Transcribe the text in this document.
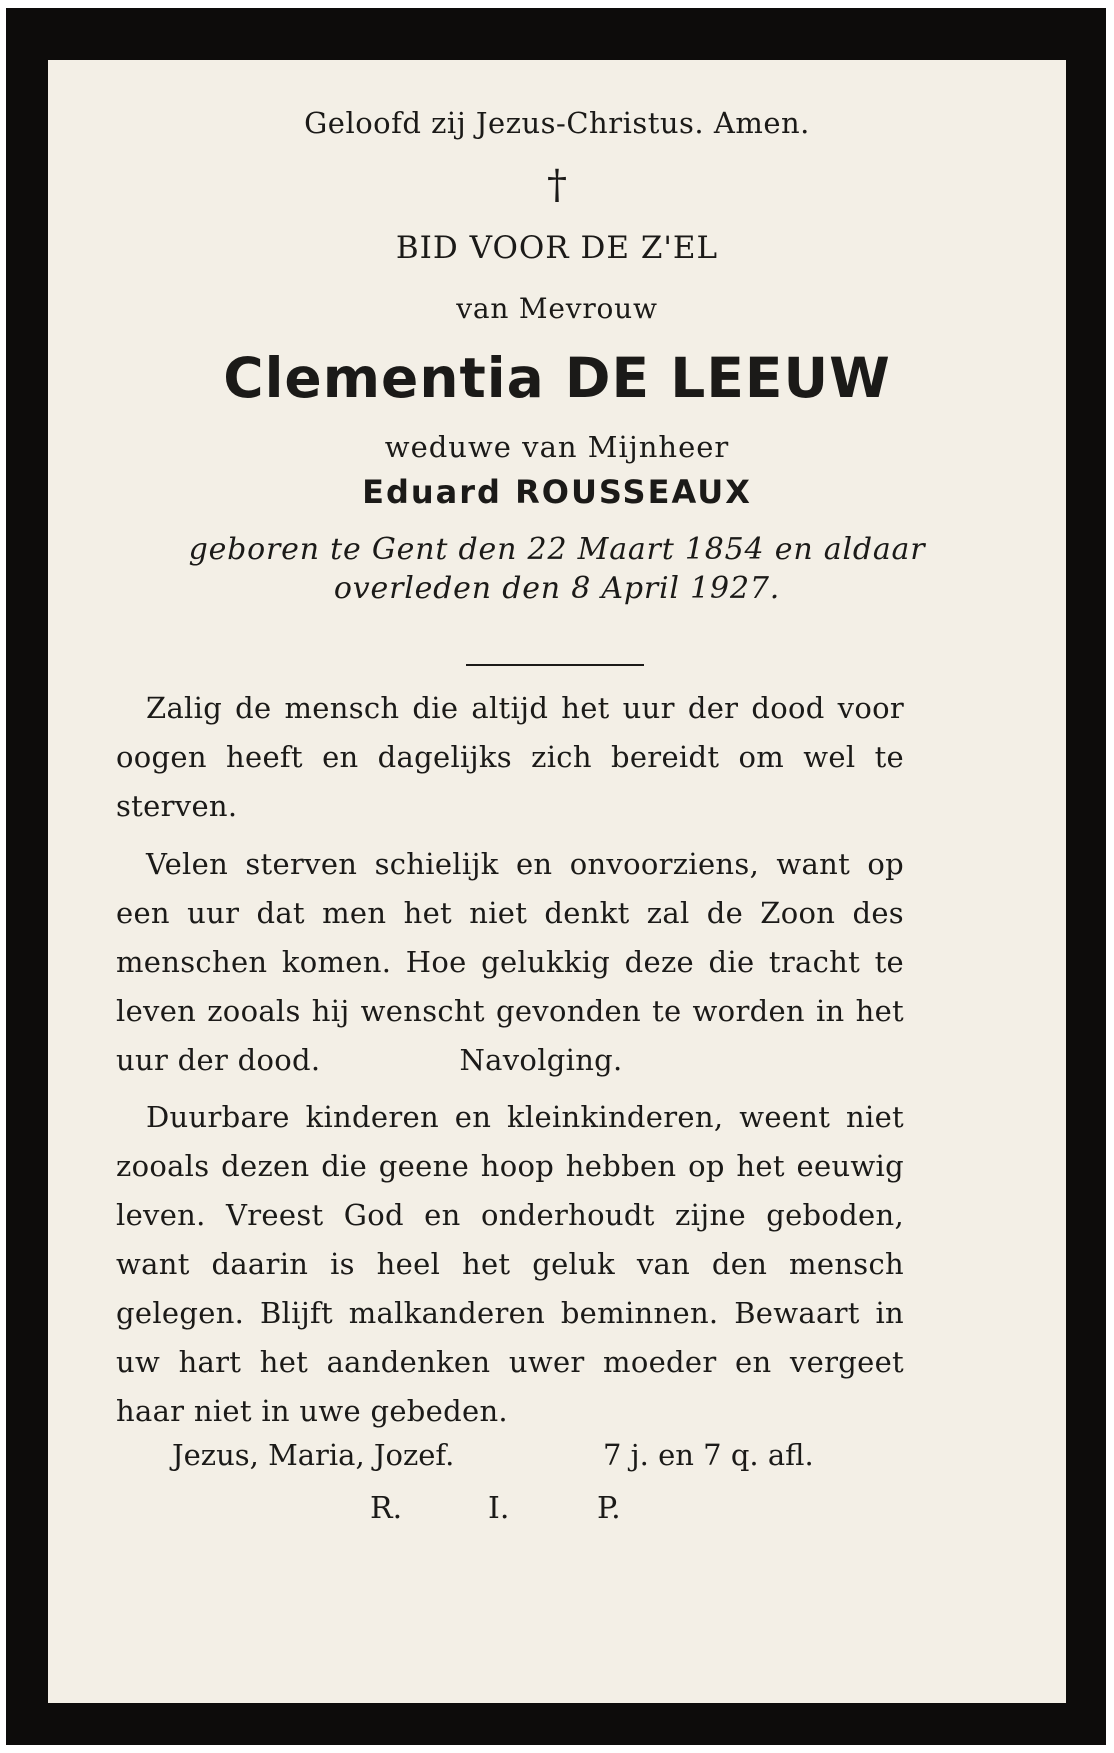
Geloofd zij Jezus-Christus. Amen.
†
BID VOOR DE Z'EL
van Mevrouw
Clementia DE LEEUW
weduwe van Mijnheer
Eduard ROUSSEAUX
geboren te Gent den 22 Maart 1854 en aldaar
overleden den 8 April 1927.

Zalig de mensch die altijd het uur der dood voor oogen heeft en dagelijks zich bereidt om wel te sterven.

Velen sterven schielijk en onvoorziens, want op een uur dat men het niet denkt zal de Zoon des menschen komen. Hoe gelukkig deze die tracht te leven zooals hij wenscht gevonden te worden in het uur der dood.	Navolging.

Duurbare kinderen en kleinkinderen, weent niet zooals dezen die geene hoop hebben op het eeuwig leven. Vreest God en onderhoudt zijne geboden, want daarin is heel het geluk van den mensch gelegen. Blijft malkanderen beminnen. Bewaart in uw hart het aandenken uwer moeder en vergeet haar niet in uwe gebeden.

Jezus, Maria, Jozef.	7 j. en 7 q. afl.
R.	I.	P.
